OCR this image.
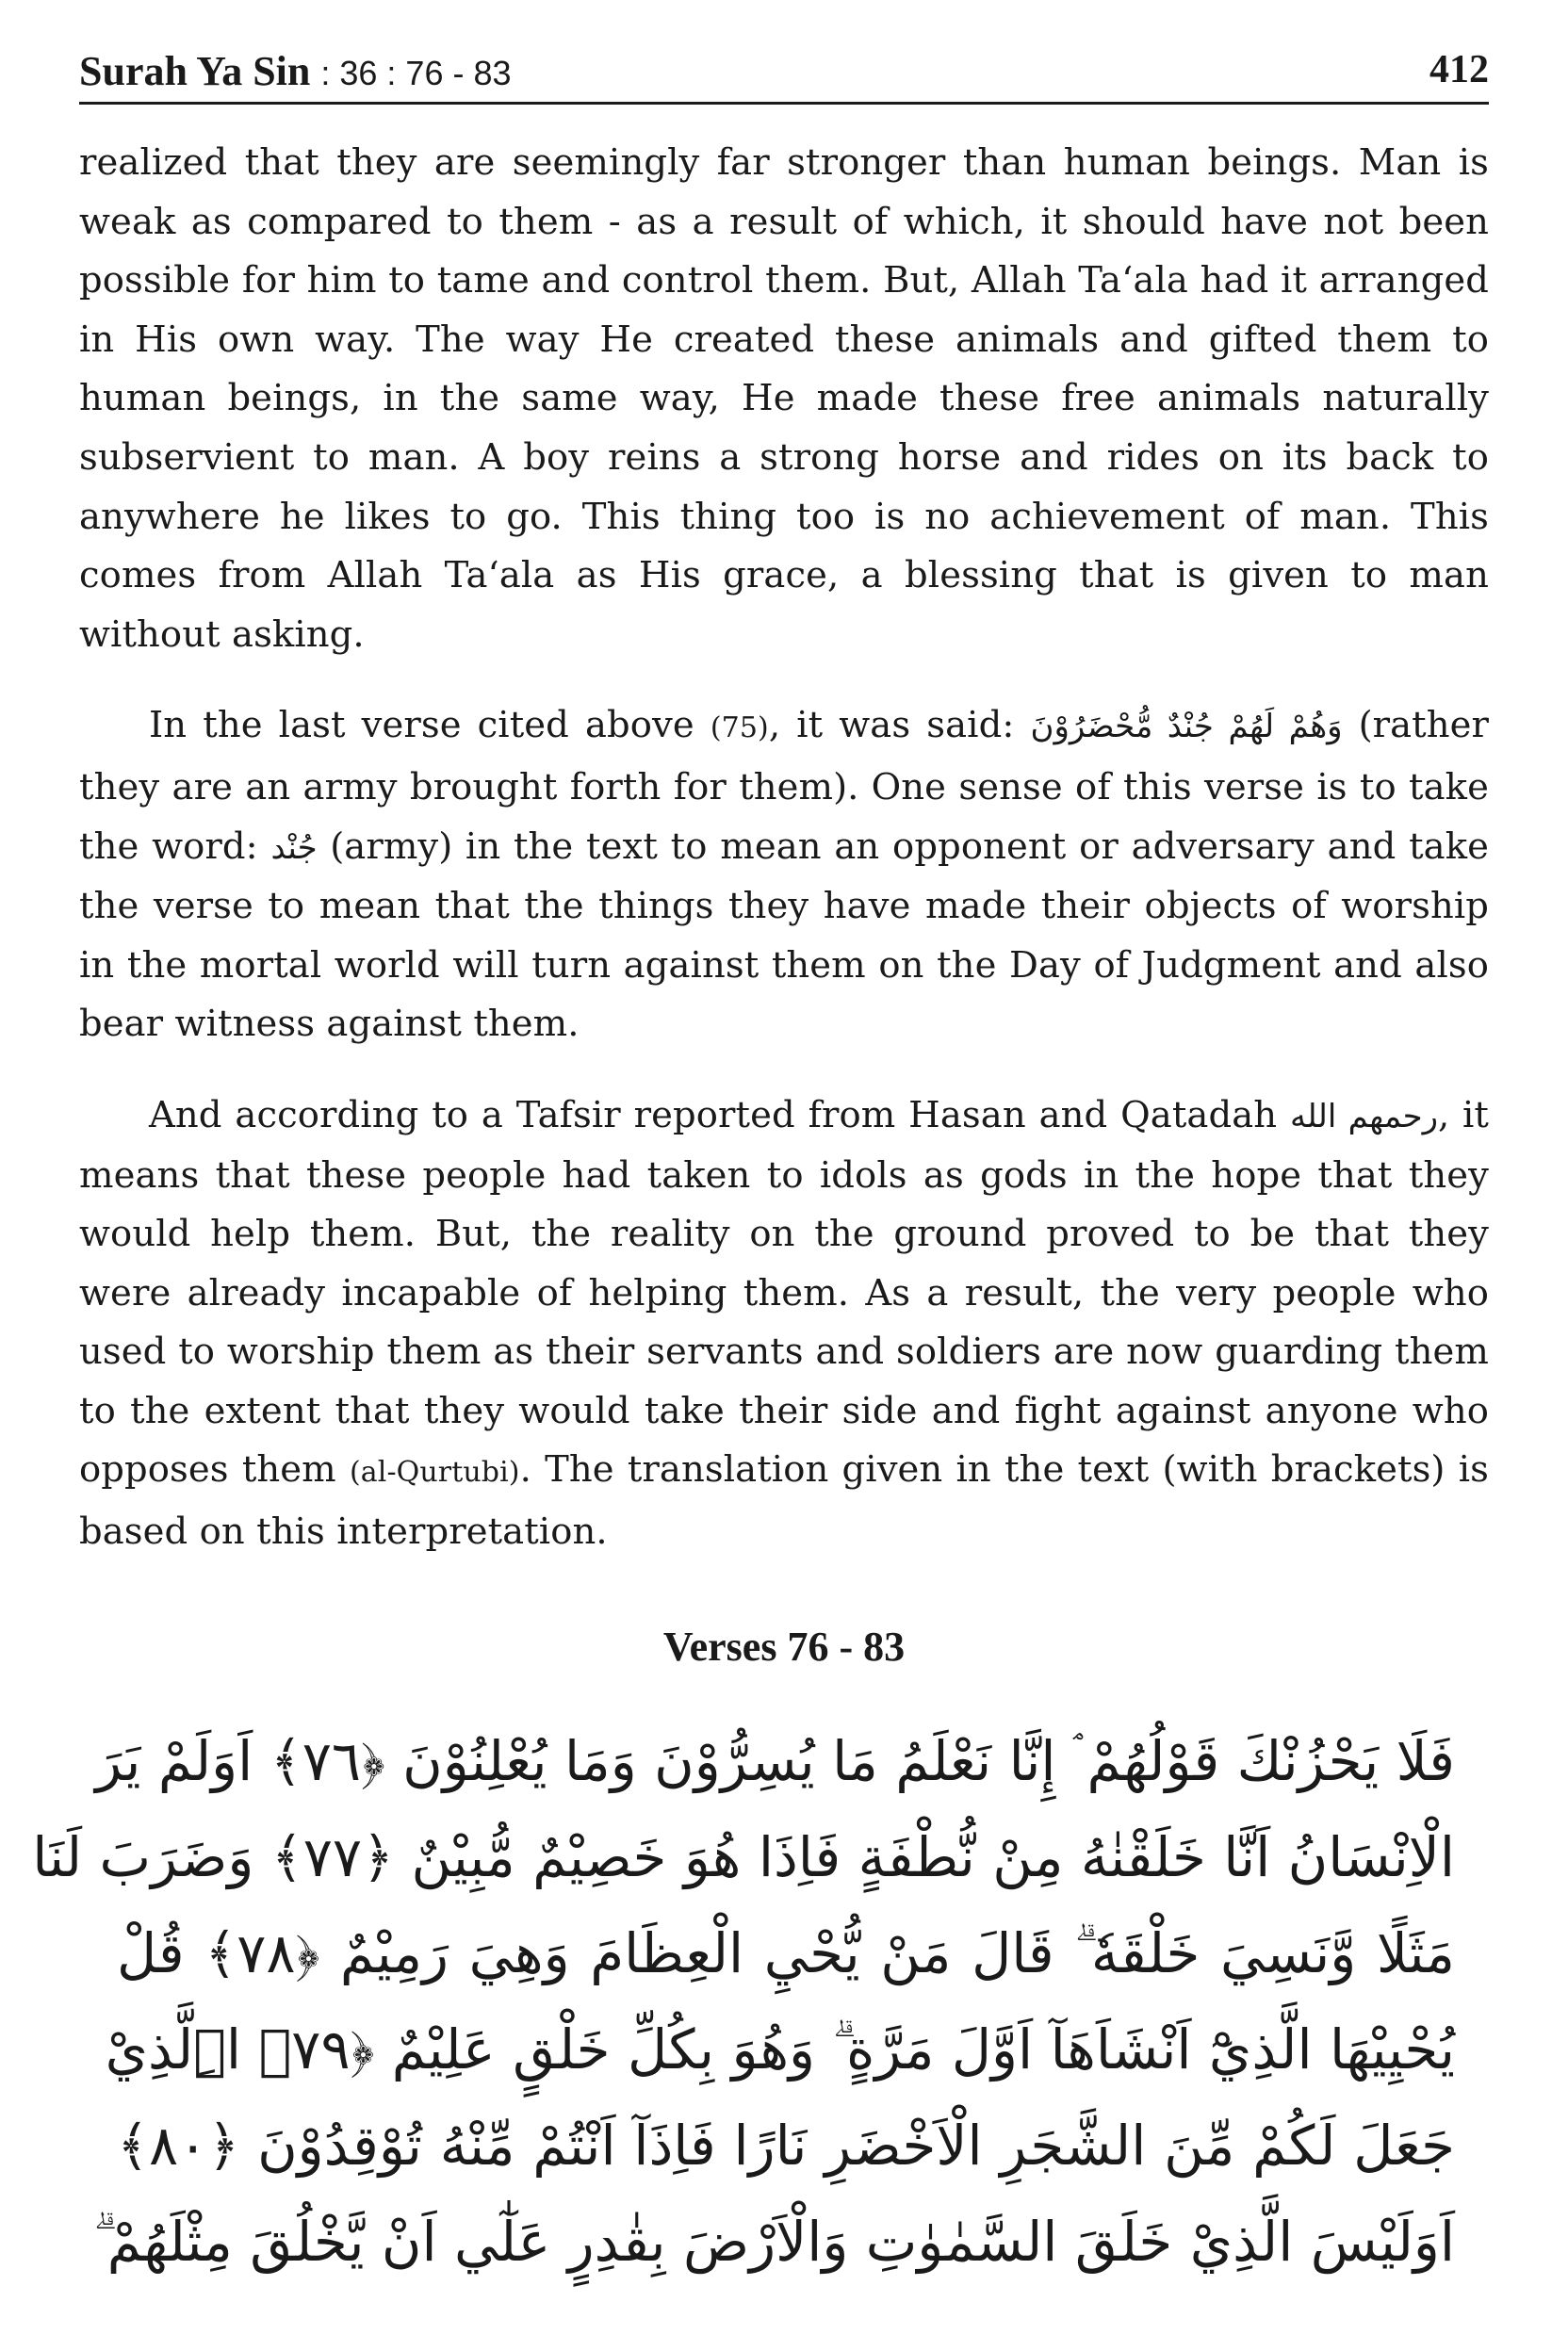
Surah Ya Sin : 36 : 76 - 83	412

realized that they are seemingly far stronger than human beings. Man is weak as compared to them - as a result of which, it should have not been possible for him to tame and control them. But, Allah Ta‘ala had it arranged in His own way. The way He created these animals and gifted them to human beings, in the same way, He made these free animals naturally subservient to man. A boy reins a strong horse and rides on its back to anywhere he likes to go. This thing too is no achievement of man. This comes from Allah Ta‘ala as His grace, a blessing that is given to man without asking.

In the last verse cited above (75), it was said: وَهُمْ لَهُمْ جُنْدٌ مُّحْضَرُوْنَ (rather they are an army brought forth for them). One sense of this verse is to take the word: جُنْد (army) in the text to mean an opponent or adversary and take the verse to mean that the things they have made their objects of worship in the mortal world will turn against them on the Day of Judgment and also bear witness against them.

And according to a Tafsir reported from Hasan and Qatadah رحمهم الله, it means that these people had taken to idols as gods in the hope that they would help them. But, the reality on the ground proved to be that they were already incapable of helping them. As a result, the very people who used to worship them as their servants and soldiers are now guarding them to the extent that they would take their side and fight against anyone who opposes them (al-Qurtubi). The translation given in the text (with brackets) is based on this interpretation.

Verses 76 - 83
فَلَا يَحْزُنْكَ قَوْلُهُمْ ۘ إِنَّا نَعْلَمُ مَا يُسِرُّوْنَ وَمَا يُعْلِنُوْنَ ﴿٧٦﴾ اَوَلَمْ يَرَ
الْاِنْسَانُ اَنَّا خَلَقْنٰهُ مِنْ نُّطْفَةٍ فَاِذَا هُوَ خَصِيْمٌ مُّبِيْنٌ ﴿٧٧﴾ وَضَرَبَ لَنَا
مَثَلًا وَّنَسِيَ خَلْقَهٗ ۗ قَالَ مَنْ يُّحْيِ الْعِظَامَ وَهِيَ رَمِيْمٌ ﴿٧٨﴾ قُلْ
يُحْيِيْهَا الَّذِيْٓ اَنْشَاَهَآ اَوَّلَ مَرَّةٍ ۗ وَهُوَ بِكُلِّ خَلْقٍ عَلِيْمٌ ﴿٧٩﴾ اِۨلَّذِيْ
جَعَلَ لَكُمْ مِّنَ الشَّجَرِ الْاَخْضَرِ نَارًا فَاِذَآ اَنْتُمْ مِّنْهُ تُوْقِدُوْنَ ﴿٨٠﴾
اَوَلَيْسَ الَّذِيْ خَلَقَ السَّمٰوٰتِ وَالْاَرْضَ بِقٰدِرٍ عَلٰٓي اَنْ يَّخْلُقَ مِثْلَهُمْ ۗ
